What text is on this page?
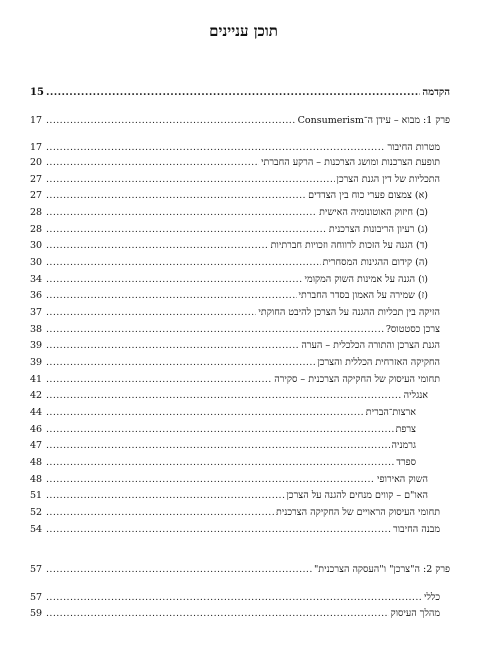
תוכן עניינים
הקדמה
.....
15
פרק 1: מבוא – עידן ה־Consumerism
.....
17
מטרות החיבור
.....
17
תופעת הצרכנות ומושג הצרכנות – הרקע החברתי
.....
20
התכליות של דין הגנת הצרכן
.....
27
(א) צמצום פערי כוח בין הצדדים
.....
27
(ב) חיזוק האוטונומיה האישית
.....
28
(ג) רעיון הריבונות הצרכנית
.....
28
(ד) הגנה על הזכות לרווחה וזכויות חברתיות
.....
30
(ה) קידום ההגינות המסחרית
.....
30
(ו) הגנה על אמינות השוק המקומי
.....
34
(ז) שמירה על האמון בסדר החברתי
.....
36
הזיקה בין תכליות ההגנה על הצרכן להיבט החוקתי
.....
37
צרכן כסטטוס?
.....
38
הגנת הצרכן והתורה הכלכלית – הערה
.....
39
החקיקה האזרחית הכללית והצרכן
.....
39
תחומי העיסוק של החקיקה הצרכנית – סקירה
.....
41
אנגליה
.....
42
ארצות־הברית
.....
44
צרפת
.....
46
גרמניה
.....
47
ספרד
.....
48
השוק האירופי
.....
48
האו"ם – קווים מנחים להגנה על הצרכן
.....
51
תחומי העיסוק הראויים של החקיקה הצרכנית
.....
52
מבנה החיבור
.....
54
פרק 2: ה"צרכן" ו"העסקה הצרכנית"
.....
57
כללי
.....
57
מהלך העיסוק
.....
59
